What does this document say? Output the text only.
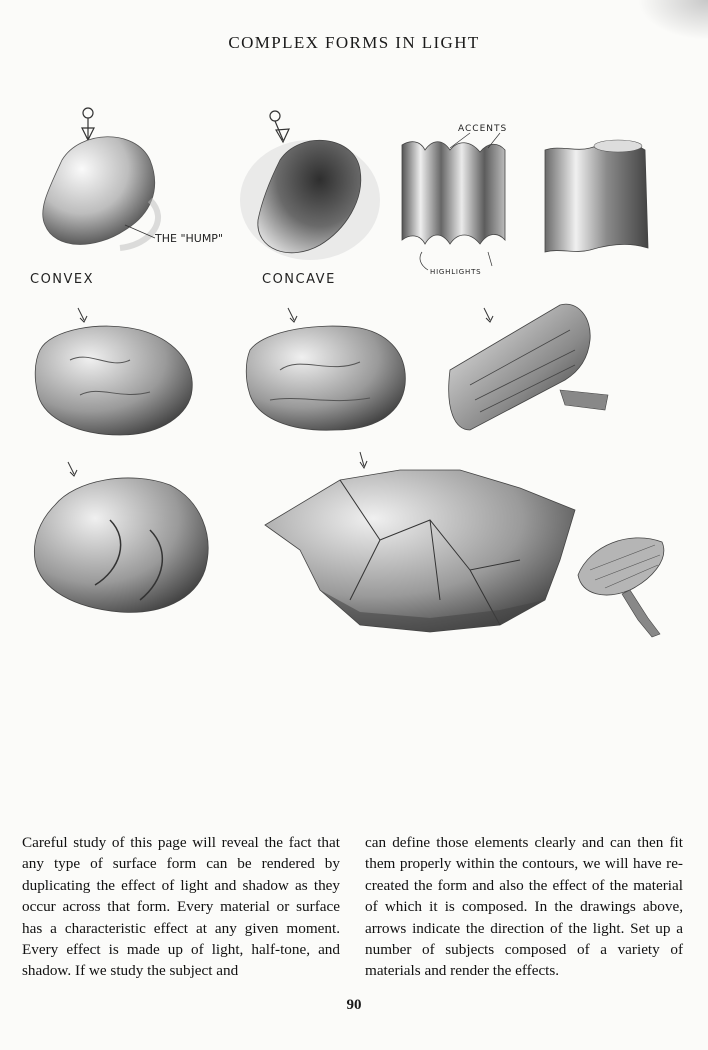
COMPLEX FORMS IN LIGHT
THE "HUMP"
CONVEX	CONCAVE
ACCENTS
HIGHLIGHTS
Careful study of this page will reveal the fact that any type of surface form can be rendered by duplicating the effect of light and shadow as they occur across that form. Every material or surface has a characteristic effect at any given moment. Every effect is made up of light, half-tone, and shadow. If we study the subject and
can define those elements clearly and can then fit them properly within the contours, we will have re-created the form and also the effect of the material of which it is composed. In the drawings above, arrows indicate the direction of the light. Set up a number of subjects composed of a variety of materials and render the effects.
90
